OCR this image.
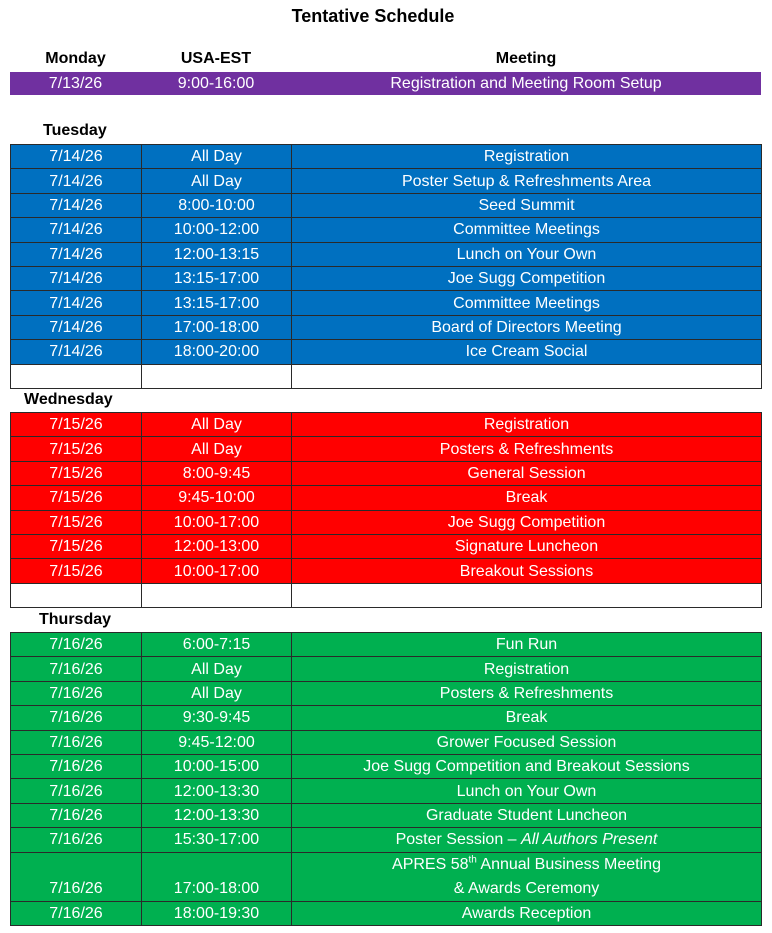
Tentative Schedule
Monday	USA-EST	Meeting
7/13/26	9:00-16:00	Registration and Meeting Room Setup
Tuesday
7/14/26	All Day	Registration
7/14/26	All Day	Poster Setup & Refreshments Area
7/14/26	8:00-10:00	Seed Summit
7/14/26	10:00-12:00	Committee Meetings
7/14/26	12:00-13:15	Lunch on Your Own
7/14/26	13:15-17:00	Joe Sugg Competition
7/14/26	13:15-17:00	Committee Meetings
7/14/26	17:00-18:00	Board of Directors Meeting
7/14/26	18:00-20:00	Ice Cream Social

Wednesday
7/15/26	All Day	Registration
7/15/26	All Day	Posters & Refreshments
7/15/26	8:00-9:45	General Session
7/15/26	9:45-10:00	Break
7/15/26	10:00-17:00	Joe Sugg Competition
7/15/26	12:00-13:00	Signature Luncheon
7/15/26	10:00-17:00	Breakout Sessions

Thursday
7/16/26	6:00-7:15	Fun Run
7/16/26	All Day	Registration
7/16/26	All Day	Posters & Refreshments
7/16/26	9:30-9:45	Break
7/16/26	9:45-12:00	Grower Focused Session
7/16/26	10:00-15:00	Joe Sugg Competition and Breakout Sessions
7/16/26	12:00-13:30	Lunch on Your Own
7/16/26	12:00-13:30	Graduate Student Luncheon
7/16/26	15:30-17:00	Poster Session – All Authors Present
7/16/26	17:00-18:00	APRES 58th Annual Business Meeting
& Awards Ceremony
7/16/26	18:00-19:30	Awards Reception
